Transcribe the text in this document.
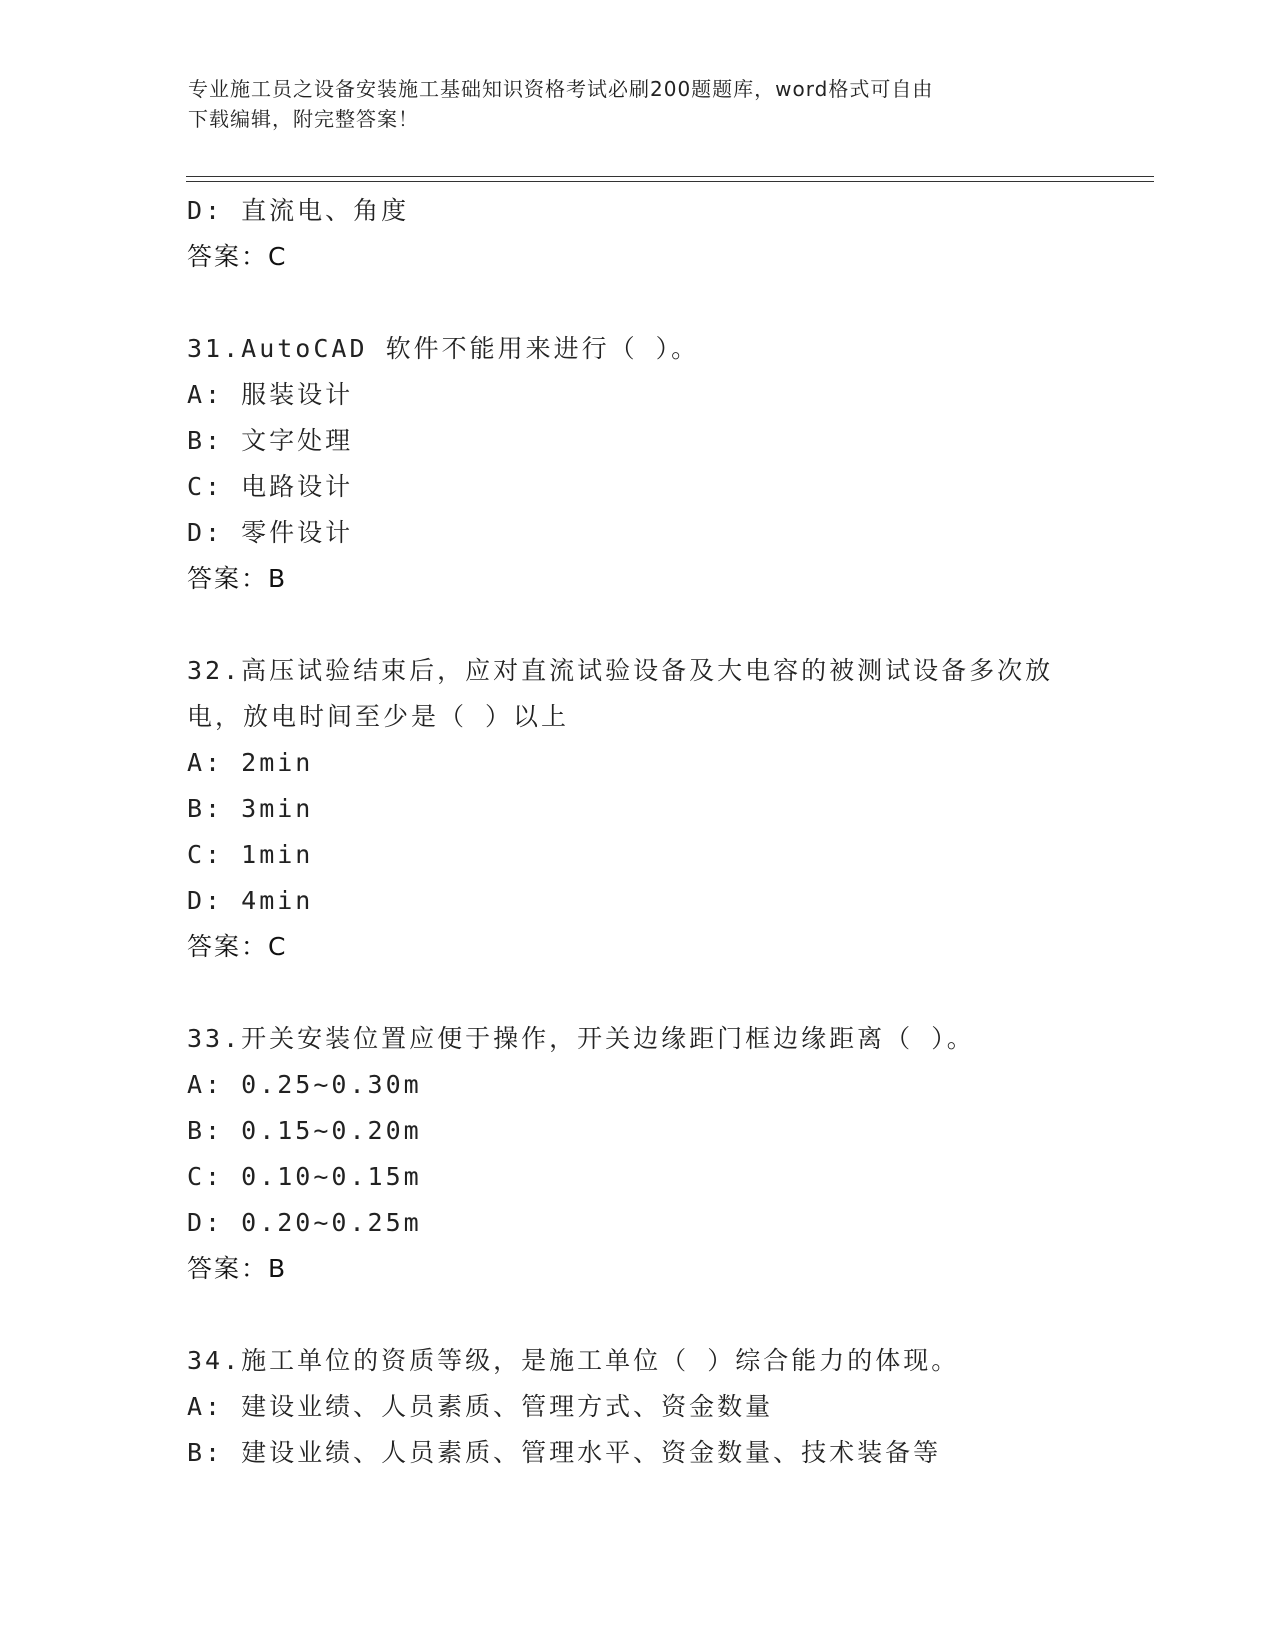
专业施工员之设备安装施工基础知识资格考试必刷200题题库，word格式可自由
下载编辑，附完整答案！
D: 直流电、角度
答案：C
31.AutoCAD 软件不能用来进行（ ）。
A: 服装设计
B: 文字处理
C: 电路设计
D: 零件设计
答案：B
32.高压试验结束后，应对直流试验设备及大电容的被测试设备多次放
电，放电时间至少是（ ）以上
A: 2min
B: 3min
C: 1min
D: 4min
答案：C
33.开关安装位置应便于操作，开关边缘距门框边缘距离（ ）。
A: 0.25~0.30m
B: 0.15~0.20m
C: 0.10~0.15m
D: 0.20~0.25m
答案：B
34.施工单位的资质等级，是施工单位（ ）综合能力的体现。
A: 建设业绩、人员素质、管理方式、资金数量
B: 建设业绩、人员素质、管理水平、资金数量、技术装备等
